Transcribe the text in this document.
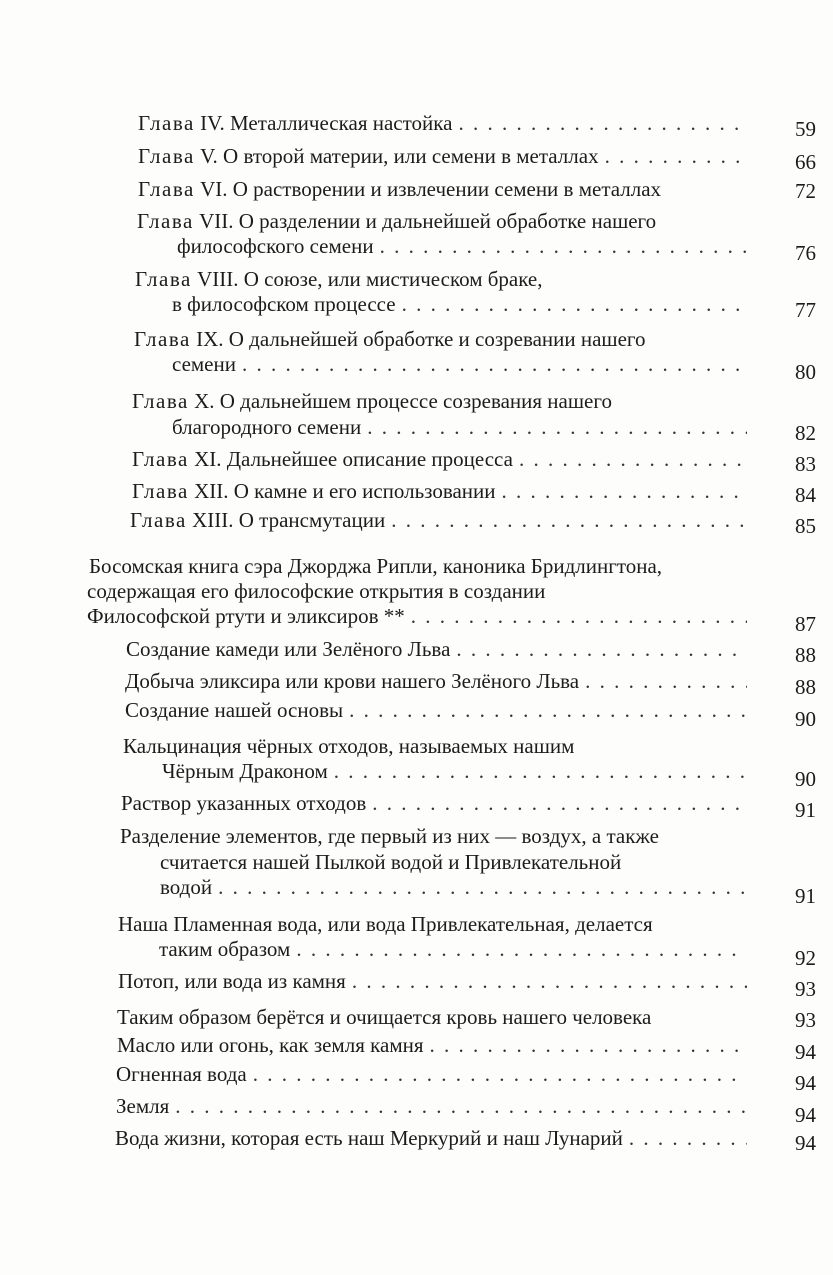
Глава IV. Металлическая настойка . . .	59
Глава V. О второй материи, или семени в металлах . . .	66
Глава VI. О растворении и извлечении семени в металлах	72
Глава VII. О разделении и дальнейшей обработке нашего
философского семени . . .	76
Глава VIII. О союзе, или мистическом браке,
в философском процессе . . .	77
Глава IX. О дальнейшей обработке и созревании нашего
семени . . .	80
Глава X. О дальнейшем процессе созревания нашего
благородного семени . . .	82
Глава XI. Дальнейшее описание процесса . . .	83
Глава XII. О камне и его использовании . . .	84
Глава XIII. О трансмутации . . .	85
Босомская книга сэра Джорджа Рипли, каноника Бридлингтона,
содержащая его философские открытия в создании
Философской ртути и эликсиров ** . . .	87
Создание камеди или Зелёного Льва . . .	88
Добыча эликсира или крови нашего Зелёного Льва . . .	88
Создание нашей основы . . .	90
Кальцинация чёрных отходов, называемых нашим
Чёрным Драконом . . .	90
Раствор указанных отходов . . .	91
Разделение элементов, где первый из них — воздух, а также
считается нашей Пылкой водой и Привлекательной
водой . . .	91
Наша Пламенная вода, или вода Привлекательная, делается
таким образом . . .	92
Потоп, или вода из камня . . .	93
Таким образом берётся и очищается кровь нашего человека	93
Масло или огонь, как земля камня . . .	94
Огненная вода . . .	94
Земля . . .	94
Вода жизни, которая есть наш Меркурий и наш Лунарий . . .	94
